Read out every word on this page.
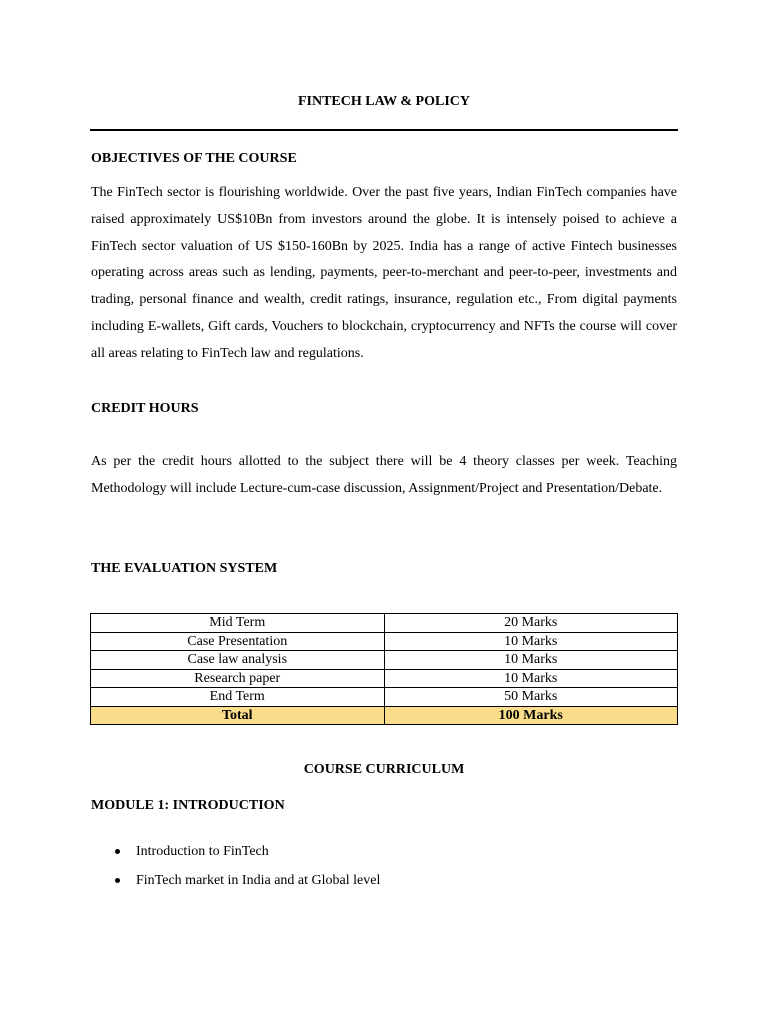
FINTECH LAW & POLICY
OBJECTIVES OF THE COURSE

The FinTech sector is flourishing worldwide. Over the past five years, Indian FinTech companies have raised approximately US$10Bn from investors around the globe. It is intensely poised to achieve a FinTech sector valuation of US $150-160Bn by 2025. India has a range of active Fintech businesses operating across areas such as lending, payments, peer-to-merchant and peer-to-peer, investments and trading, personal finance and wealth, credit ratings, insurance, regulation etc., From digital payments including E-wallets, Gift cards, Vouchers to blockchain, cryptocurrency and NFTs the course will cover all areas relating to FinTech law and regulations.

CREDIT HOURS

As per the credit hours allotted to the subject there will be 4 theory classes per week. Teaching Methodology will include Lecture-cum-case discussion, Assignment/Project and Presentation/Debate.

THE EVALUATION SYSTEM
Mid Term	20 Marks
Case Presentation	10 Marks
Case law analysis	10 Marks
Research paper	10 Marks
End Term	50 Marks
Total	100 Marks
COURSE CURRICULUM
MODULE 1: INTRODUCTION
Introduction to FinTech
FinTech market in India and at Global level
